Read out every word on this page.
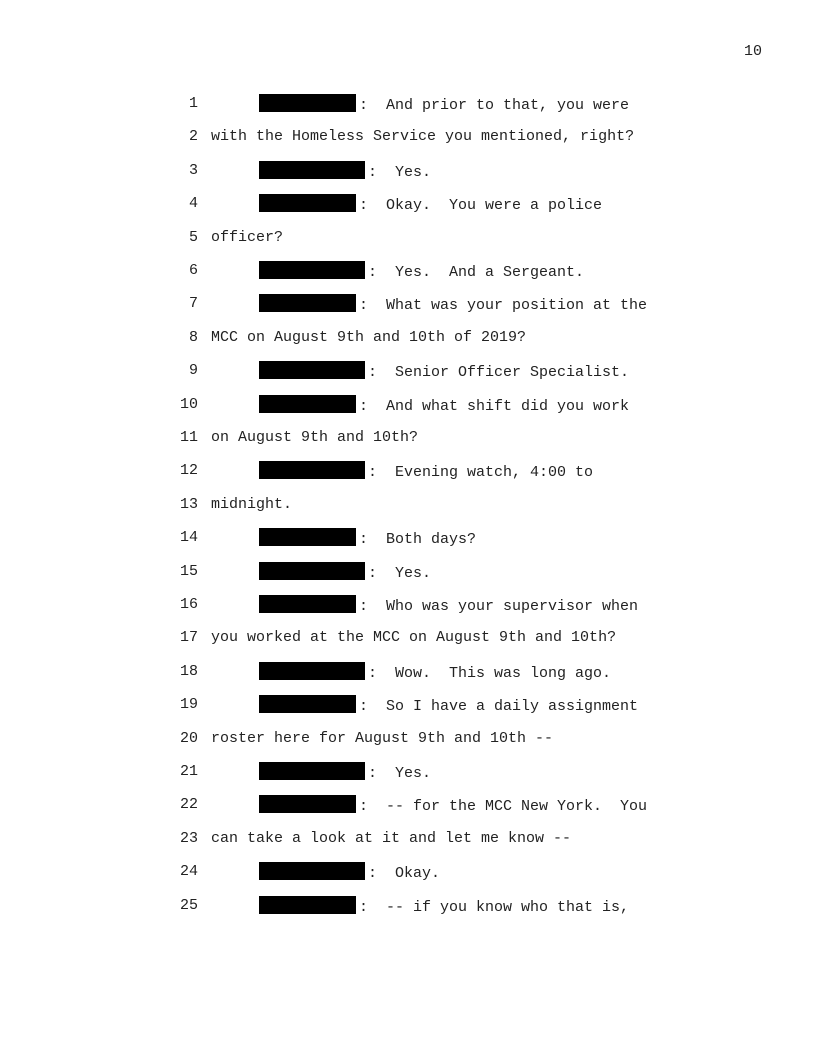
10
1	:  And prior to that, you were
2 with the Homeless Service you mentioned, right?
3	:  Yes.
4	:  Okay.  You were a police
5 officer?
6	:  Yes.  And a Sergeant.
7	:  What was your position at the
8 MCC on August 9th and 10th of 2019?
9	:  Senior Officer Specialist.
10	:  And what shift did you work
11 on August 9th and 10th?
12	:  Evening watch, 4:00 to
13 midnight.
14	:  Both days?
15	:  Yes.
16	:  Who was your supervisor when
17 you worked at the MCC on August 9th and 10th?
18	:  Wow.  This was long ago.
19	:  So I have a daily assignment
20 roster here for August 9th and 10th --
21	:  Yes.
22	:  -- for the MCC New York.  You
23 can take a look at it and let me know --
24	:  Okay.
25	:  -- if you know who that is,
